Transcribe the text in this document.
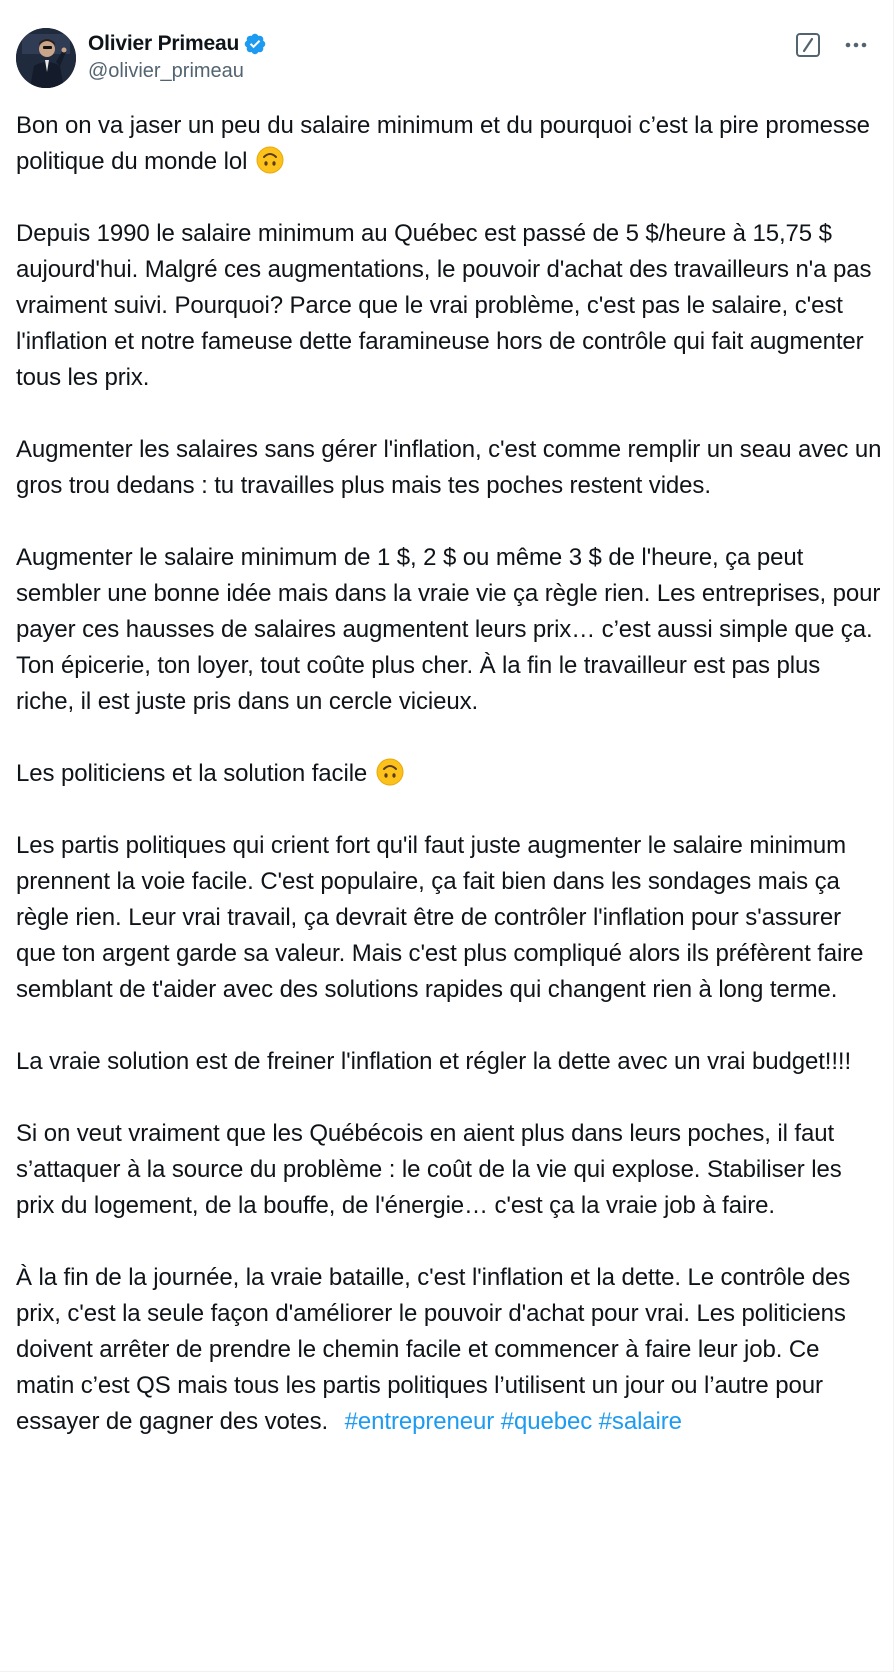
Olivier Primeau
@olivier_primeau

Bon on va jaser un peu du salaire minimum et du pourquoi c’est la pire promesse politique du monde lol

Depuis 1990 le salaire minimum au Québec est passé de 5 $/heure à 15,75 $ aujourd'hui. Malgré ces augmentations, le pouvoir d'achat des travailleurs n'a pas vraiment suivi. Pourquoi? Parce que le vrai problème, c'est pas le salaire, c'est l'inflation et notre fameuse dette faramineuse hors de contrôle qui fait augmenter tous les prix.

Augmenter les salaires sans gérer l'inflation, c'est comme remplir un seau avec un gros trou dedans : tu travailles plus mais tes poches restent vides.

Augmenter le salaire minimum de 1 $, 2 $ ou même 3 $ de l'heure, ça peut sembler une bonne idée mais dans la vraie vie ça règle rien. Les entreprises, pour payer ces hausses de salaires augmentent leurs prix… c’est aussi simple que ça. Ton épicerie, ton loyer, tout coûte plus cher. À la fin le travailleur est pas plus riche, il est juste pris dans un cercle vicieux.

Les politiciens et la solution facile

Les partis politiques qui crient fort qu'il faut juste augmenter le salaire minimum prennent la voie facile. C'est populaire, ça fait bien dans les sondages mais ça règle rien. Leur vrai travail, ça devrait être de contrôler l'inflation pour s'assurer que ton argent garde sa valeur. Mais c'est plus compliqué alors ils préfèrent faire semblant de t'aider avec des solutions rapides qui changent rien à long terme.

La vraie solution est de freiner l'inflation et régler la dette avec un vrai budget!!!!

Si on veut vraiment que les Québécois en aient plus dans leurs poches, il faut s’attaquer à la source du problème : le coût de la vie qui explose. Stabiliser les prix du logement, de la bouffe, de l'énergie… c'est ça la vraie job à faire.

À la fin de la journée, la vraie bataille, c'est l'inflation et la dette. Le contrôle des prix, c'est la seule façon d'améliorer le pouvoir d'achat pour vrai. Les politiciens doivent arrêter de prendre le chemin facile et commencer à faire leur job. Ce matin c’est QS mais tous les partis politiques l’utilisent un jour ou l’autre pour essayer de gagner des votes. #entrepreneur #quebec #salaire
